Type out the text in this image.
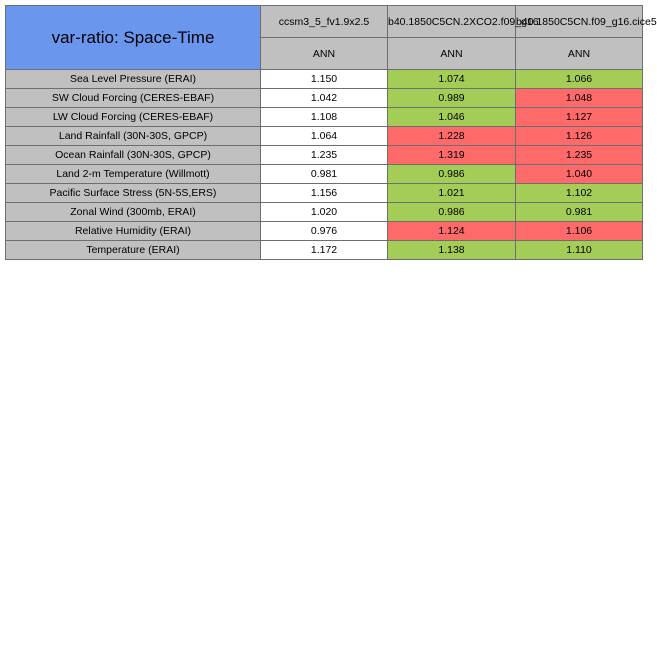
var-ratio: Space-Time	ccsm3_5_fv1.9x2.5	b40.1850C5CN.2XCO2.f09_g16	b40.1850C5CN.f09_g16.cice5

	ANN	ANN	ANN
Sea Level Pressure (ERAI)	1.150	1.074	1.066
SW Cloud Forcing (CERES-EBAF)	1.042	0.989	1.048
LW Cloud Forcing (CERES-EBAF)	1.108	1.046	1.127
Land Rainfall (30N-30S, GPCP)	1.064	1.228	1.126
Ocean Rainfall (30N-30S, GPCP)	1.235	1.319	1.235
Land 2-m Temperature (Willmott)	0.981	0.986	1.040
Pacific Surface Stress (5N-5S,ERS)	1.156	1.021	1.102
Zonal Wind (300mb, ERAI)	1.020	0.986	0.981
Relative Humidity (ERAI)	0.976	1.124	1.106
Temperature (ERAI)	1.172	1.138	1.110
